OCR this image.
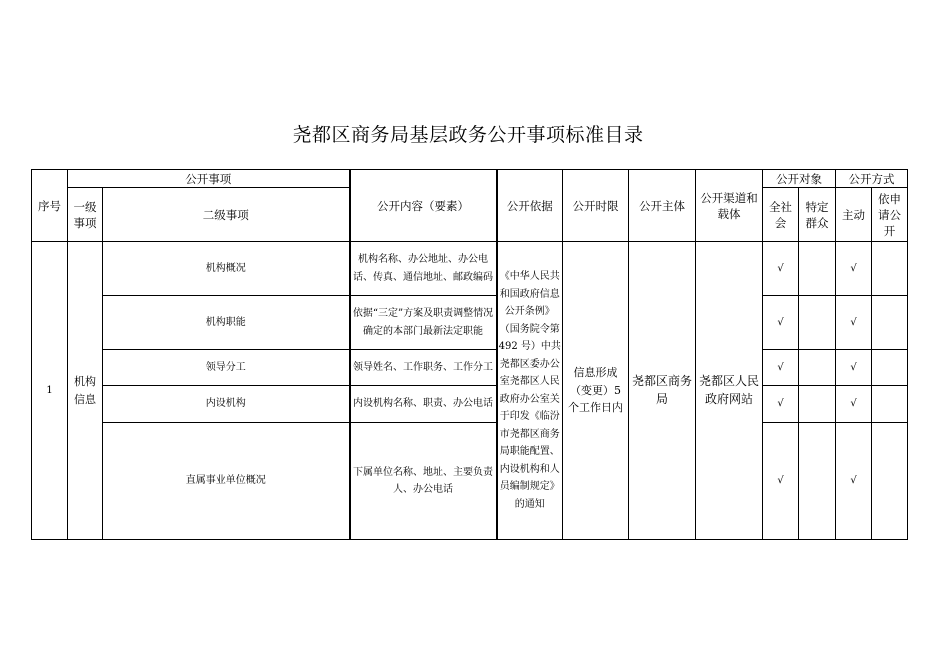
尧都区商务局基层政务公开事项标准目录
序号	公开事项		公开内容（要素）	公开依据	公开时限	公开主体	公开渠道和载体	公开对象		公开方式	
	一级事项	二级事项						全社会	特定群众	主动	依申请公开
1	机构信息	机构概况	机构名称、办公地址、办公电话、传真、通信地址、邮政编码	《中华人民共和国政府信息公开条例》（国务院令第 492 号）中共尧都区委办公室尧都区人民政府办公室关于印发《临汾市尧都区商务局职能配置、内设机构和人员编制规定》的通知	信息形成（变更）5 个工作日内	尧都区商务局	尧都区人民政府网站	√		√	
		机构职能	依据“三定”方案及职责调整情况确定的本部门最新法定职能					√		√	
		领导分工	领导姓名、工作职务、工作分工					√		√	
		内设机构	内设机构名称、职责、办公电话					√		√	
		直属事业单位概况	下属单位名称、地址、主要负责人、办公电话					√		√	
